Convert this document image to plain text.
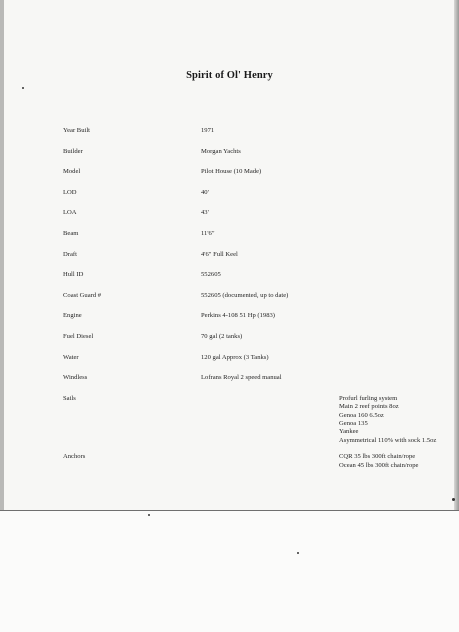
Spirit of Ol' Henry
Year Built	1971
Builder	Morgan Yachts
Model	Pilot House (10 Made)
LOD	40'
LOA	43'
Beam	11'6"
Draft	4'6" Full Keel
Hull ID	552605
Coast Guard #	552605 (documented, up to date)
Engine	Perkins 4-108 51 Hp (1983)
Fuel Diesel	70 gal (2 tanks)
Water	120 gal Approx (3 Tanks)
Windless	Lofrans Royal 2 speed manual
Sails	Profurl furling system
Main 2 reef points 8oz
Genoa 160 6.5oz
Genoa 135
Yankee
Asymmetrical 110% with sock 1.5oz
Anchors	CQR 35 lbs 300ft chain/rope
Ocean 45 lbs 300ft chain/rope
